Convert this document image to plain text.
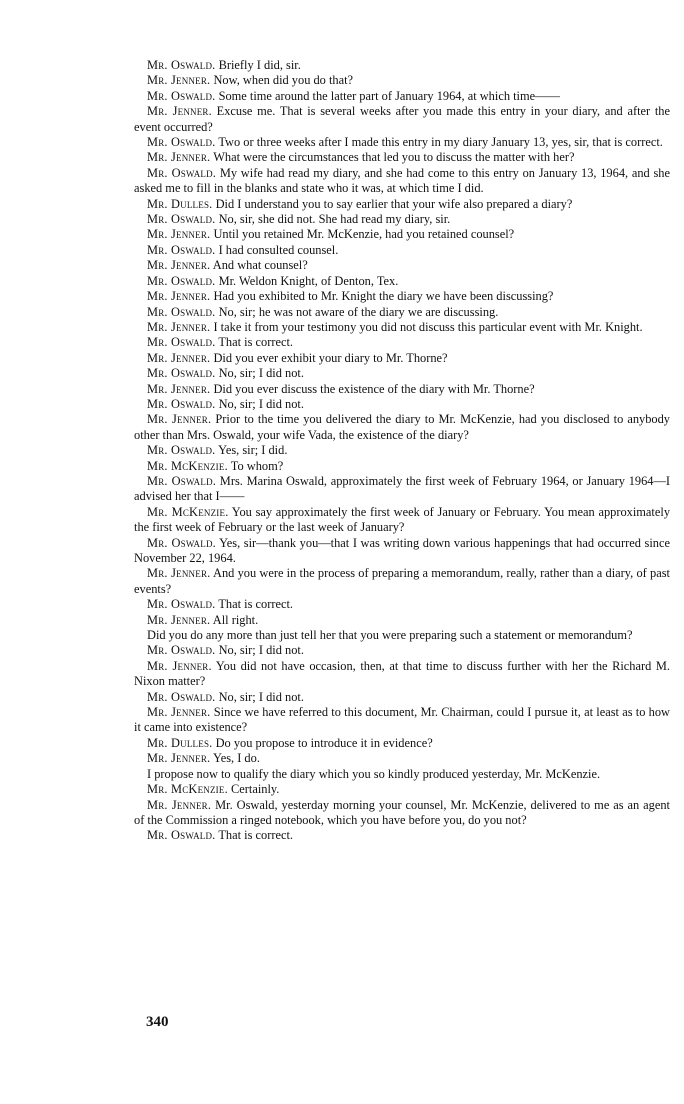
Mr. Oswald. Briefly I did, sir.

Mr. Jenner. Now, when did you do that?

Mr. Oswald. Some time around the latter part of January 1964, at which time——

Mr. Jenner. Excuse me. That is several weeks after you made this entry in your diary, and after the event occurred?

Mr. Oswald. Two or three weeks after I made this entry in my diary January 13, yes, sir, that is correct.

Mr. Jenner. What were the circumstances that led you to discuss the matter with her?

Mr. Oswald. My wife had read my diary, and she had come to this entry on January 13, 1964, and she asked me to fill in the blanks and state who it was, at which time I did.

Mr. Dulles. Did I understand you to say earlier that your wife also prepared a diary?

Mr. Oswald. No, sir, she did not. She had read my diary, sir.

Mr. Jenner. Until you retained Mr. McKenzie, had you retained counsel?

Mr. Oswald. I had consulted counsel.

Mr. Jenner. And what counsel?

Mr. Oswald. Mr. Weldon Knight, of Denton, Tex.

Mr. Jenner. Had you exhibited to Mr. Knight the diary we have been discussing?

Mr. Oswald. No, sir; he was not aware of the diary we are discussing.

Mr. Jenner. I take it from your testimony you did not discuss this particular event with Mr. Knight.

Mr. Oswald. That is correct.

Mr. Jenner. Did you ever exhibit your diary to Mr. Thorne?

Mr. Oswald. No, sir; I did not.

Mr. Jenner. Did you ever discuss the existence of the diary with Mr. Thorne?

Mr. Oswald. No, sir; I did not.

Mr. Jenner. Prior to the time you delivered the diary to Mr. McKenzie, had you disclosed to anybody other than Mrs. Oswald, your wife Vada, the existence of the diary?

Mr. Oswald. Yes, sir; I did.

Mr. McKenzie. To whom?

Mr. Oswald. Mrs. Marina Oswald, approximately the first week of February 1964, or January 1964—I advised her that I——

Mr. McKenzie. You say approximately the first week of January or February. You mean approximately the first week of February or the last week of January?

Mr. Oswald. Yes, sir—thank you—that I was writing down various happenings that had occurred since November 22, 1964.

Mr. Jenner. And you were in the process of preparing a memorandum, really, rather than a diary, of past events?

Mr. Oswald. That is correct.

Mr. Jenner. All right.

Did you do any more than just tell her that you were preparing such a statement or memorandum?

Mr. Oswald. No, sir; I did not.

Mr. Jenner. You did not have occasion, then, at that time to discuss further with her the Richard M. Nixon matter?

Mr. Oswald. No, sir; I did not.

Mr. Jenner. Since we have referred to this document, Mr. Chairman, could I pursue it, at least as to how it came into existence?

Mr. Dulles. Do you propose to introduce it in evidence?

Mr. Jenner. Yes, I do.

I propose now to qualify the diary which you so kindly produced yesterday, Mr. McKenzie.

Mr. McKenzie. Certainly.

Mr. Jenner. Mr. Oswald, yesterday morning your counsel, Mr. McKenzie, delivered to me as an agent of the Commission a ringed notebook, which you have before you, do you not?

Mr. Oswald. That is correct.

340
